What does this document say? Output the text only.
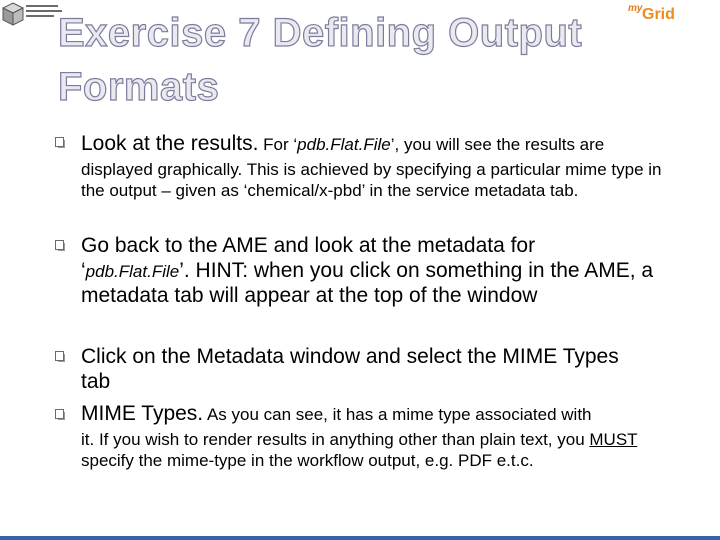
my Grid
Exercise 7 Defining Output
Formats
Look at the results. For ‘pdb.Flat.File’, you will see the results are
displayed graphically. This is achieved by specifying a particular mime type in the output – given as ‘chemical/x-pbd’ in the service metadata tab.
Go back to the AME and look at the metadata for
‘pdb.Flat.File’. HINT: when you click on something in the AME, a metadata tab will appear at the top of the window
Click on the Metadata window and select the MIME Types tab
MIME Types. As you can see, it has a mime type associated with
it. If you wish to render results in anything other than plain text, you MUST specify the mime-type in the workflow output, e.g. PDF e.t.c.
